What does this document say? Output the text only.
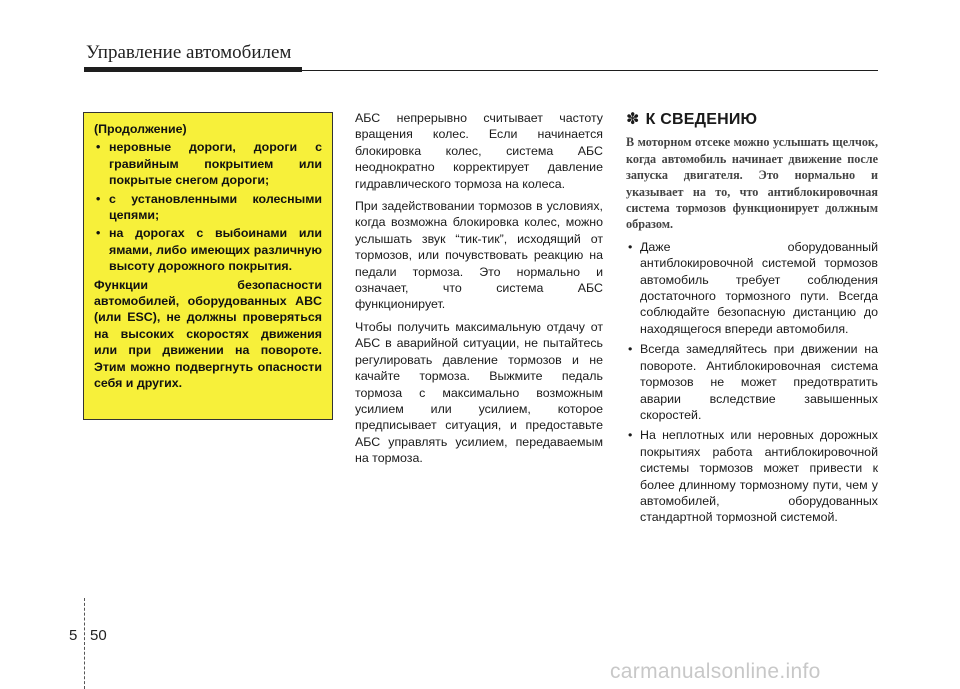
Управление автомобилем

(Продолжение)

• неровные дороги, дороги с гравийным покрытием или покрытые снегом дороги;
• с установленными колесными цепями;
• на дорогах с выбоинами или ямами, либо имеющих различную высоту дорожного покрытия.

Функции безопасности автомобилей, оборудованных ABC (или ESC), не должны проверяться на высоких скоростях движения или при движении на повороте. Этим можно подвергнуть опасности себя и других.

АБС непрерывно считывает частоту вращения колес. Если начинается блокировка колес, система АБС неоднократно корректирует давление гидравлического тормоза на колеса.

При задействовании тормозов в условиях, когда возможна блокировка колес, можно услышать звук “тик-тик”, исходящий от тормозов, или почувствовать реакцию на педали тормоза. Это нормально и означает, что система АБС функционирует.

Чтобы получить максимальную отдачу от АБС в аварийной ситуации, не пытайтесь регулировать давление тормозов и не качайте тормоза. Выжмите педаль тормоза с максимально возможным усилием или усилием, которое предписывает ситуация, и предоставьте АБС управлять усилием, передаваемым на тормоза.

✽ К СВЕДЕНИЮ

В моторном отсеке можно услышать щелчок, когда автомобиль начинает движение после запуска двигателя. Это нормально и указывает на то, что антиблокировочная система тормозов функционирует должным образом.

• Даже оборудованный антиблокировочной системой тормозов автомобиль требует соблюдения достаточного тормозного пути. Всегда соблюдайте безопасную дистанцию до находящегося впереди автомобиля.
• Всегда замедляйтесь при движении на повороте. Антиблокировочная система тормозов не может предотвратить аварии вследствие завышенных скоростей.
• На неплотных или неровных дорожных покрытиях работа антиблокировочной системы тормозов может привести к более длинному тормозному пути, чем у автомобилей, оборудованных стандартной тормозной системой.
5 50
carmanualsonline.info
